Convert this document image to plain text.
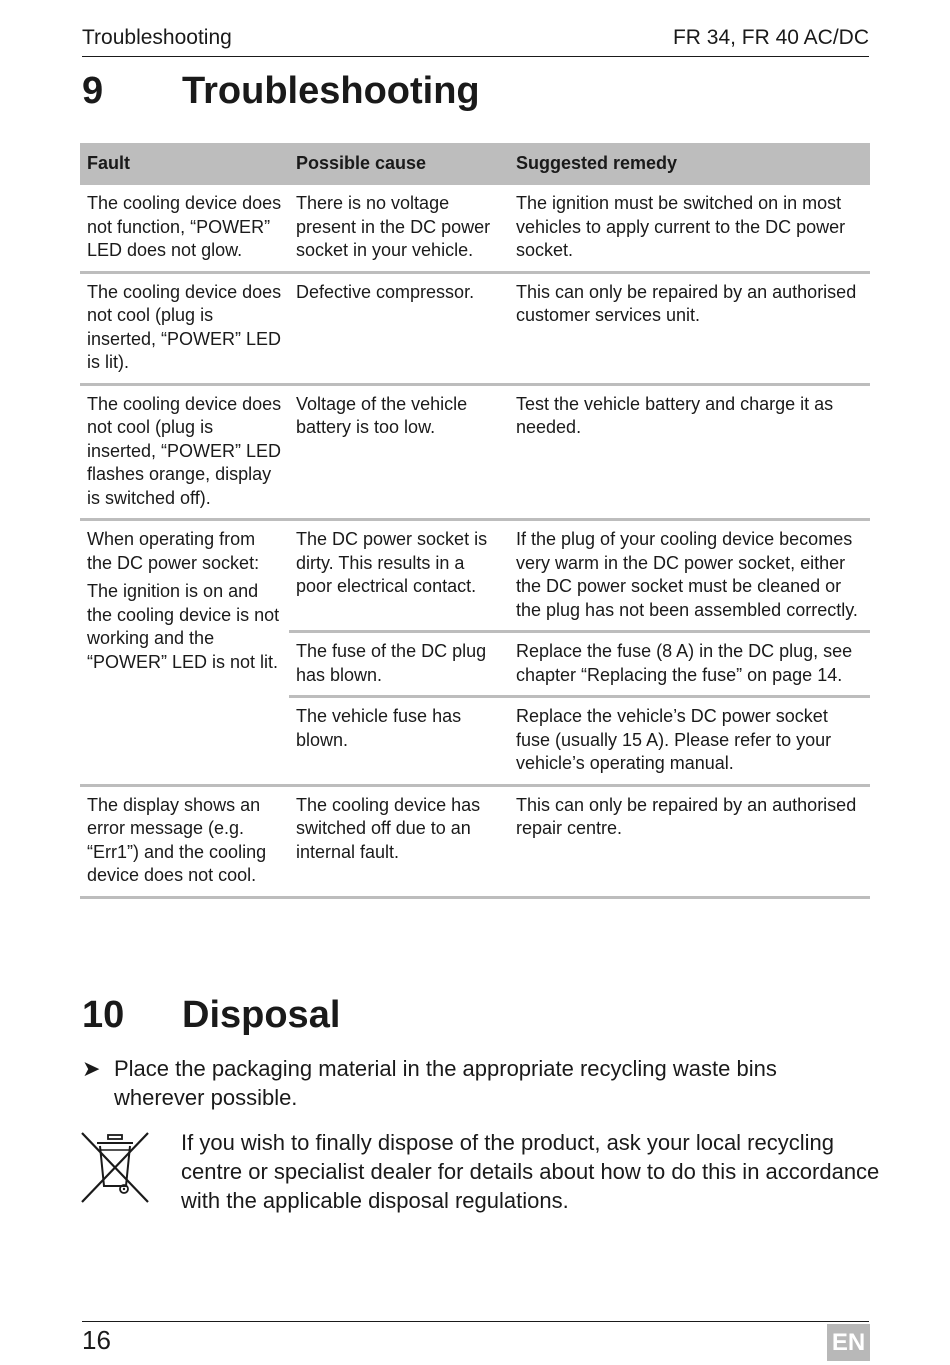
Troubleshooting	FR 34, FR 40 AC/DC
9 Troubleshooting
Fault	Possible cause	Suggested remedy
The cooling device does not function, “POWER” LED does not glow.	There is no voltage present in the DC power socket in your vehicle.	The ignition must be switched on in most vehicles to apply current to the DC power socket.
The cooling device does not cool (plug is inserted, “POWER” LED is lit).	Defective compressor.	This can only be repaired by an authorised customer services unit.
The cooling device does not cool (plug is inserted, “POWER” LED flashes orange, display is switched off).	Voltage of the vehicle battery is too low.	Test the vehicle battery and charge it as needed.
When operating from the DC power socket:
The ignition is on and the cooling device is not working and the “POWER” LED is not lit.	The DC power socket is dirty. This results in a poor electrical contact.	If the plug of your cooling device becomes very warm in the DC power socket, either the DC power socket must be cleaned or the plug has not been assembled correctly.
	The fuse of the DC plug has blown.	Replace the fuse (8 A) in the DC plug, see chapter “Replacing the fuse” on page 14.
	The vehicle fuse has blown.	Replace the vehicle’s DC power socket fuse (usually 15 A). Please refer to your vehicle’s operating manual.
The display shows an error message (e.g. “Err1”) and the cooling device does not cool.	The cooling device has switched off due to an internal fault.	This can only be repaired by an authorised repair centre.
10 Disposal
➤ Place the packaging material in the appropriate recycling waste bins wherever possible.
If you wish to finally dispose of the product, ask your local recycling centre or specialist dealer for details about how to do this in accordance with the applicable disposal regulations.
16	EN
